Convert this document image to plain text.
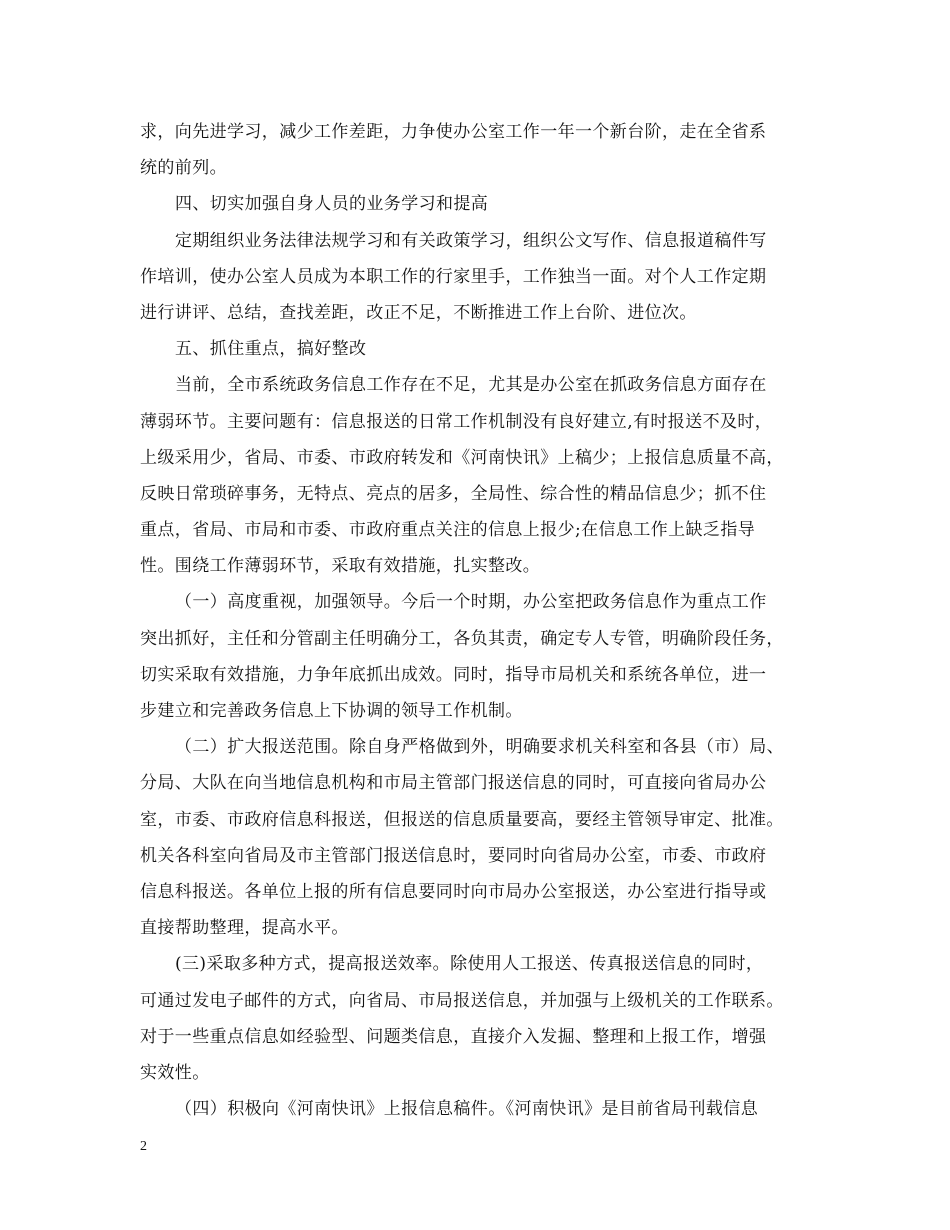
求，向先进学习，减少工作差距，力争使办公室工作一年一个新台阶，走在全省系
统的前列。
四、切实加强自身人员的业务学习和提高
定期组织业务法律法规学习和有关政策学习，组织公文写作、信息报道稿件写
作培训，使办公室人员成为本职工作的行家里手，工作独当一面。对个人工作定期
进行讲评、总结，查找差距，改正不足，不断推进工作上台阶、进位次。
五、抓住重点，搞好整改
当前，全市系统政务信息工作存在不足，尤其是办公室在抓政务信息方面存在
薄弱环节。主要问题有：信息报送的日常工作机制没有良好建立,有时报送不及时，
上级采用少，省局、市委、市政府转发和《河南快讯》上稿少；上报信息质量不高，
反映日常琐碎事务，无特点、亮点的居多，全局性、综合性的精品信息少；抓不住
重点，省局、市局和市委、市政府重点关注的信息上报少;在信息工作上缺乏指导
性。围绕工作薄弱环节，采取有效措施，扎实整改。
（一）高度重视，加强领导。今后一个时期，办公室把政务信息作为重点工作
突出抓好，主任和分管副主任明确分工，各负其责，确定专人专管，明确阶段任务，
切实采取有效措施，力争年底抓出成效。同时，指导市局机关和系统各单位，进一
步建立和完善政务信息上下协调的领导工作机制。
（二）扩大报送范围。除自身严格做到外，明确要求机关科室和各县（市）局、
分局、大队在向当地信息机构和市局主管部门报送信息的同时，可直接向省局办公
室，市委、市政府信息科报送，但报送的信息质量要高，要经主管领导审定、批准。
机关各科室向省局及市主管部门报送信息时，要同时向省局办公室，市委、市政府
信息科报送。各单位上报的所有信息要同时向市局办公室报送，办公室进行指导或
直接帮助整理，提高水平。
(三)采取多种方式，提高报送效率。除使用人工报送、传真报送信息的同时，
可通过发电子邮件的方式，向省局、市局报送信息，并加强与上级机关的工作联系。
对于一些重点信息如经验型、问题类信息，直接介入发掘、整理和上报工作，增强
实效性。
（四）积极向《河南快讯》上报信息稿件。《河南快讯》是目前省局刊载信息
2
